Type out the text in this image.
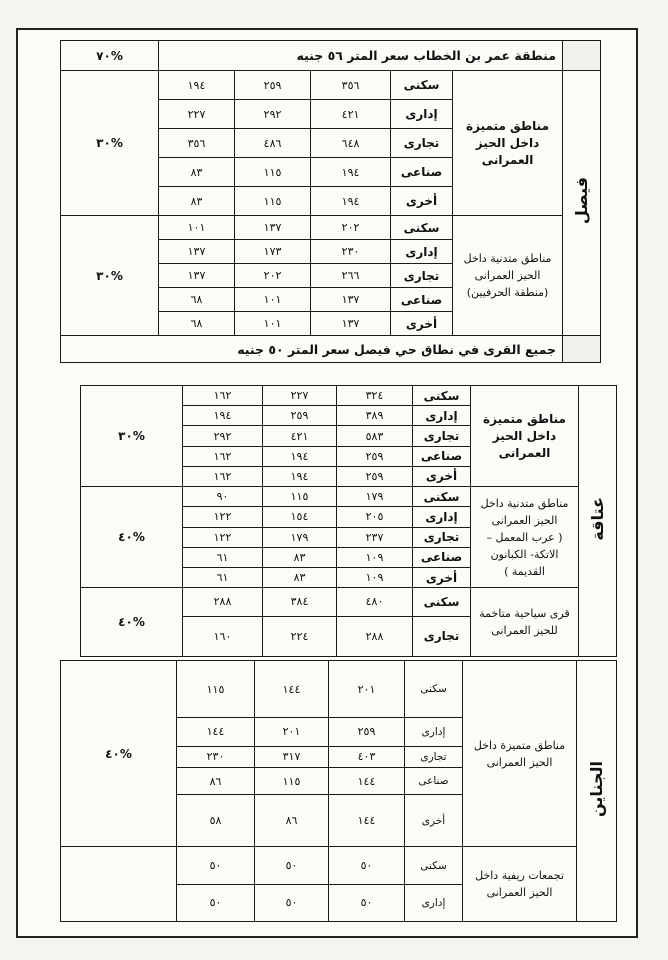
	منطقة عمر بن الخطاب سعر المتر ٥٦ جنيه					%٧٠
فيصل	مناطق متميزة داخل الحيز العمرانى	سكنى	٣٥٦	٢٥٩	١٩٤	%٣٠
		إدارى	٤٢١	٢٩٢	٢٢٧	
		تجارى	٦٤٨	٤٨٦	٣٥٦	
		صناعى	١٩٤	١١٥	٨٣	
		أخرى	١٩٤	١١٥	٨٣	

	مناطق متدنية داخل الحيز العمرانى
(منطقة الحرفيين)	سكنى	٢٠٢	١٣٧	١٠١	%٣٠
		إدارى	٢٣٠	١٧٣	١٣٧	
		تجارى	٢٦٦	٢٠٢	١٣٧	
		صناعى	١٣٧	١٠١	٦٨	
		أخرى	١٣٧	١٠١	٦٨	
	جميع القرى في نطاق حي فيصل سعر المتر ٥٠ جنيه					
عتاقة	مناطق متميزة داخل الحيز العمرانى	سكنى	٣٢٤	٢٢٧	١٦٢	%٣٠
		إدارى	٣٨٩	٢٥٩	١٩٤	
		تجارى	٥٨٣	٤٢١	٢٩٢	
		صناعى	٢٥٩	١٩٤	١٦٢	
		أخرى	٢٥٩	١٩٤	١٦٢	

	مناطق متدنية داخل الحيز العمرانى
( عرب المعمل – الاتكة- الكبانون القديمة )	سكنى	١٧٩	١١٥	٩٠	%٤٠
		إدارى	٢٠٥	١٥٤	١٢٢	
		تجارى	٢٣٧	١٧٩	١٢٢	
		صناعى	١٠٩	٨٣	٦١	
		أخرى	١٠٩	٨٣	٦١	
	قرى سياحية متاخمة للحيز العمرانى	سكنى	٤٨٠	٣٨٤	٢٨٨	%٤٠
		تجارى	٢٨٨	٢٢٤	١٦٠	
الجناين	مناطق متميزة داخل الحيز العمرانى	سكنى	٢٠١	١٤٤	١١٥	%٤٠
		إدارى	٢٥٩	٢٠١	١٤٤	
		تجارى	٤٠٣	٣١٧	٢٣٠	
		صناعى	١٤٤	١١٥	٨٦	
		أخرى	١٤٤	٨٦	٥٨	
	تجمعات ريفية داخل الحيز العمرانى	سكنى	٥٠	٥٠	٥٠	
		إدارى	٥٠	٥٠	٥٠	
